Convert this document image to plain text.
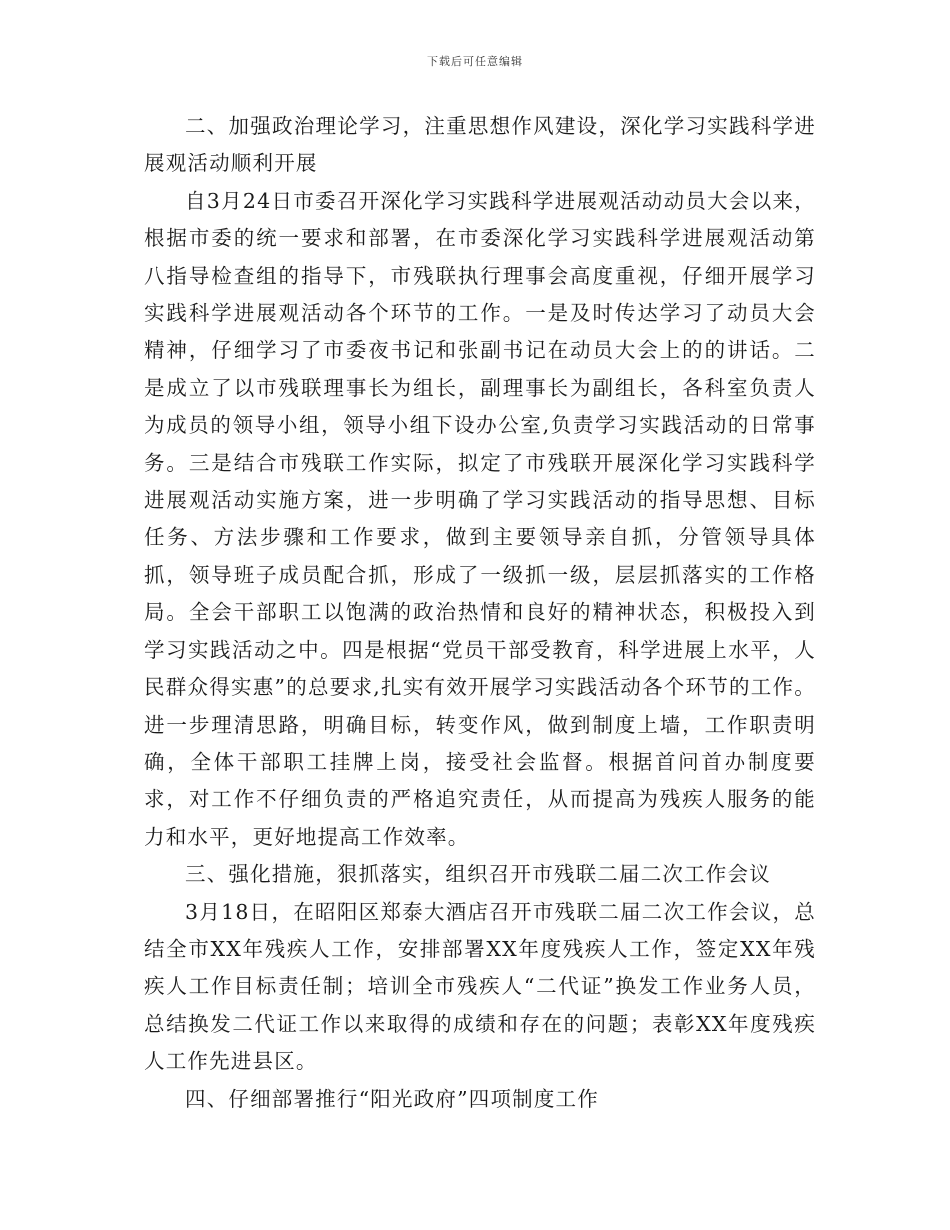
下载后可任意编辑

二、加强政治理论学习，注重思想作风建设，深化学习实践科学进展观活动顺利开展

自3月24日市委召开深化学习实践科学进展观活动动员大会以来，根据市委的统一要求和部署，在市委深化学习实践科学进展观活动第八指导检查组的指导下，市残联执行理事会高度重视，仔细开展学习实践科学进展观活动各个环节的工作。一是及时传达学习了动员大会精神，仔细学习了市委夜书记和张副书记在动员大会上的的讲话。二是成立了以市残联理事长为组长，副理事长为副组长，各科室负责人为成员的领导小组，领导小组下设办公室,负责学习实践活动的日常事务。三是结合市残联工作实际，拟定了市残联开展深化学习实践科学进展观活动实施方案，进一步明确了学习实践活动的指导思想、目标任务、方法步骤和工作要求，做到主要领导亲自抓，分管领导具体抓，领导班子成员配合抓，形成了一级抓一级，层层抓落实的工作格局。全会干部职工以饱满的政治热情和良好的精神状态，积极投入到学习实践活动之中。四是根据“党员干部受教育，科学进展上水平，人民群众得实惠”的总要求,扎实有效开展学习实践活动各个环节的工作。进一步理清思路，明确目标，转变作风，做到制度上墙，工作职责明确，全体干部职工挂牌上岗，接受社会监督。根据首问首办制度要求，对工作不仔细负责的严格追究责任，从而提高为残疾人服务的能力和水平，更好地提高工作效率。

三、强化措施，狠抓落实，组织召开市残联二届二次工作会议

3月18日，在昭阳区郑泰大酒店召开市残联二届二次工作会议，总结全市XX年残疾人工作，安排部署XX年度残疾人工作，签定XX年残疾人工作目标责任制；培训全市残疾人“二代证”换发工作业务人员，总结换发二代证工作以来取得的成绩和存在的问题；表彰XX年度残疾人工作先进县区。

四、仔细部署推行“阳光政府”四项制度工作
